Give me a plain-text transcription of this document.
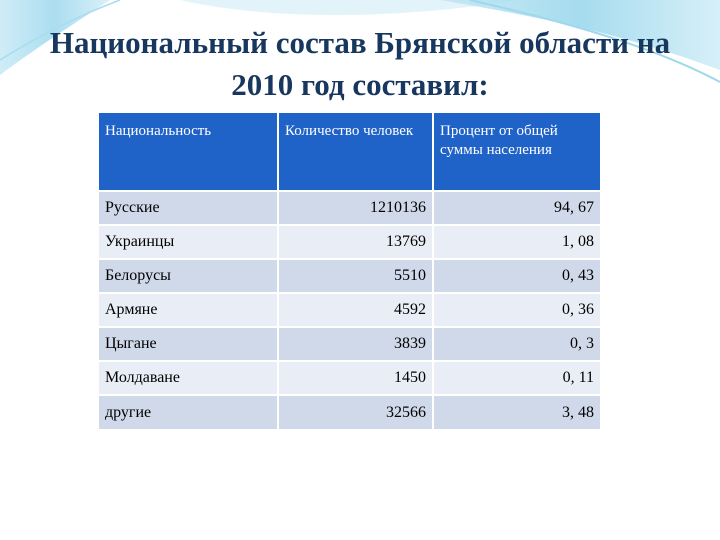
Национальный состав Брянской области на
2010 год составил:
Национальность	Количество человек	Процент от общей суммы населения
Русские	1210136	94, 67
Украинцы	13769	1, 08
Белорусы	5510	0, 43
Армяне	4592	0, 36
Цыгане	3839	0, 3
Молдаване	1450	0, 11
другие	32566	3, 48
